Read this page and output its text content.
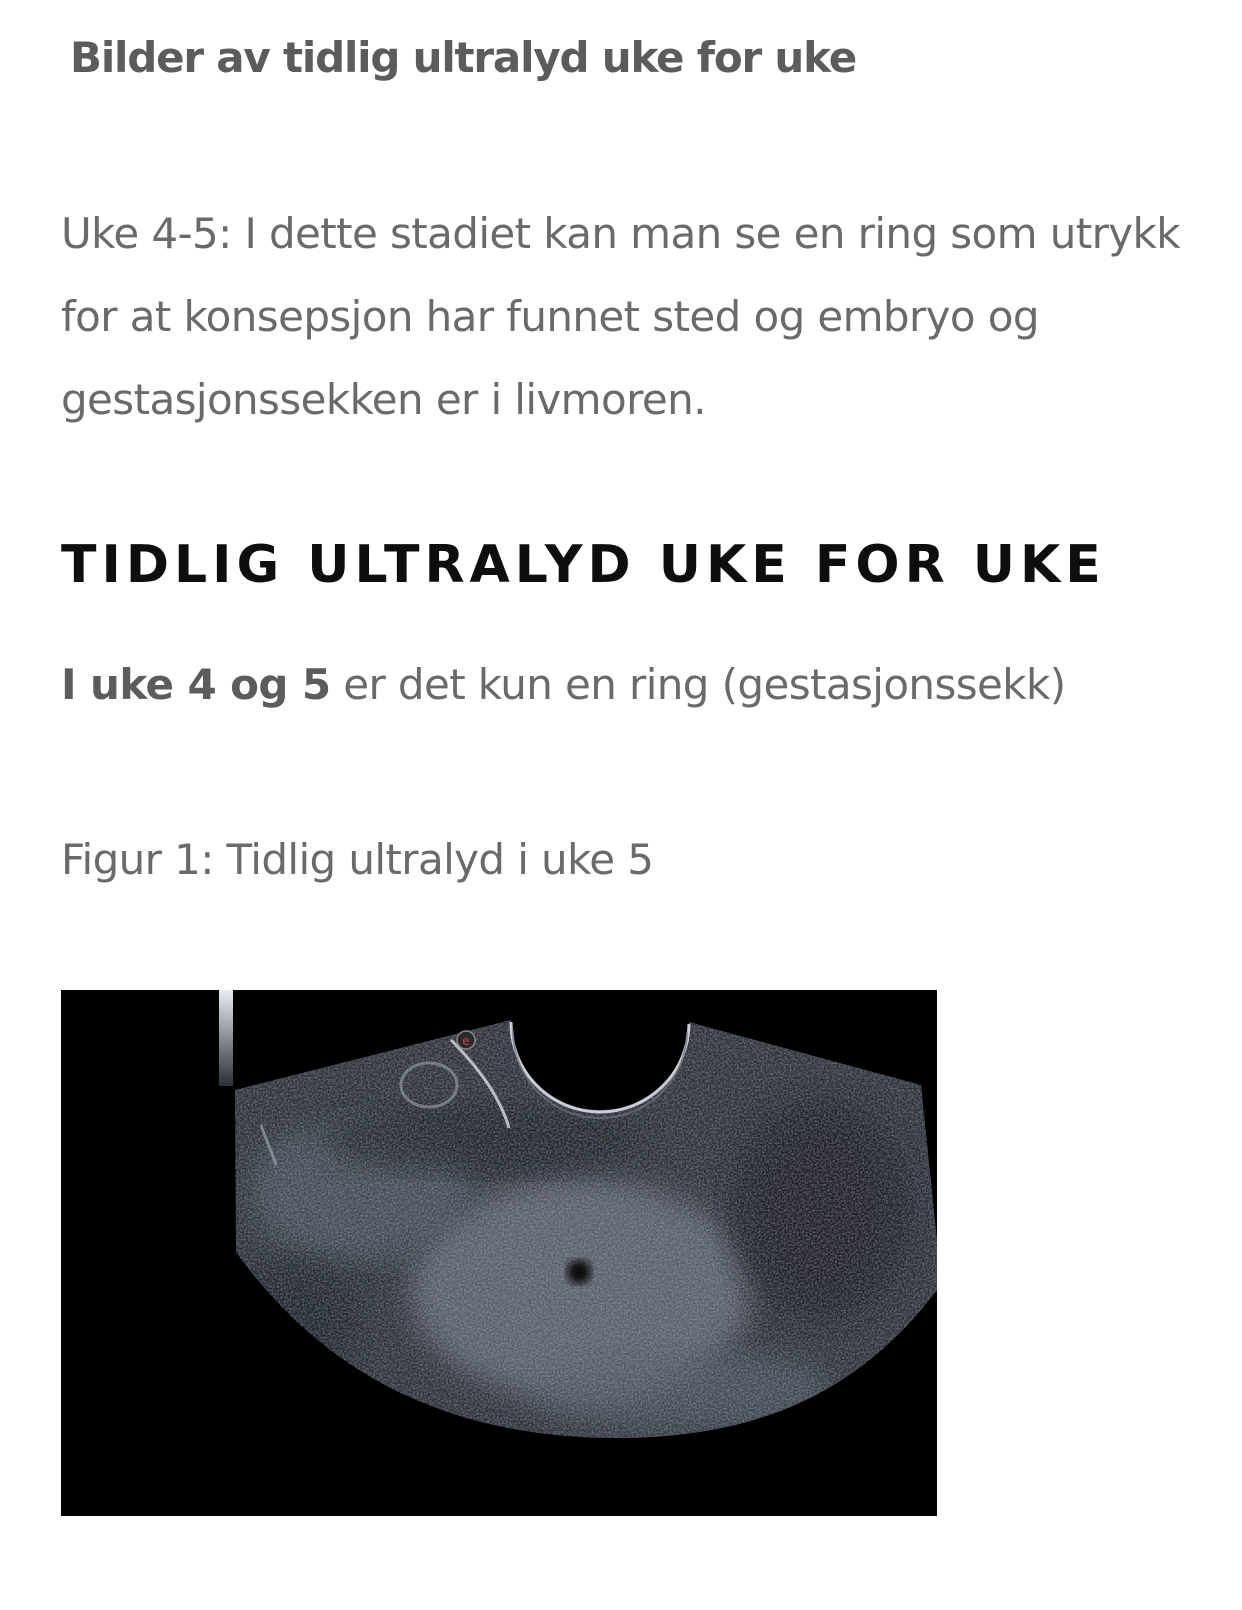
Bilder av tidlig ultralyd uke for uke

Uke 4-5: I dette stadiet kan man se en ring som utrykk for at konsepsjon har funnet sted og embryo og gestasjonssekken er i livmoren.

TIDLIG ULTRALYD UKE FOR UKE

I uke 4 og 5 er det kun en ring (gestasjonssekk)

Figur 1: Tidlig ultralyd i uke 5

e
